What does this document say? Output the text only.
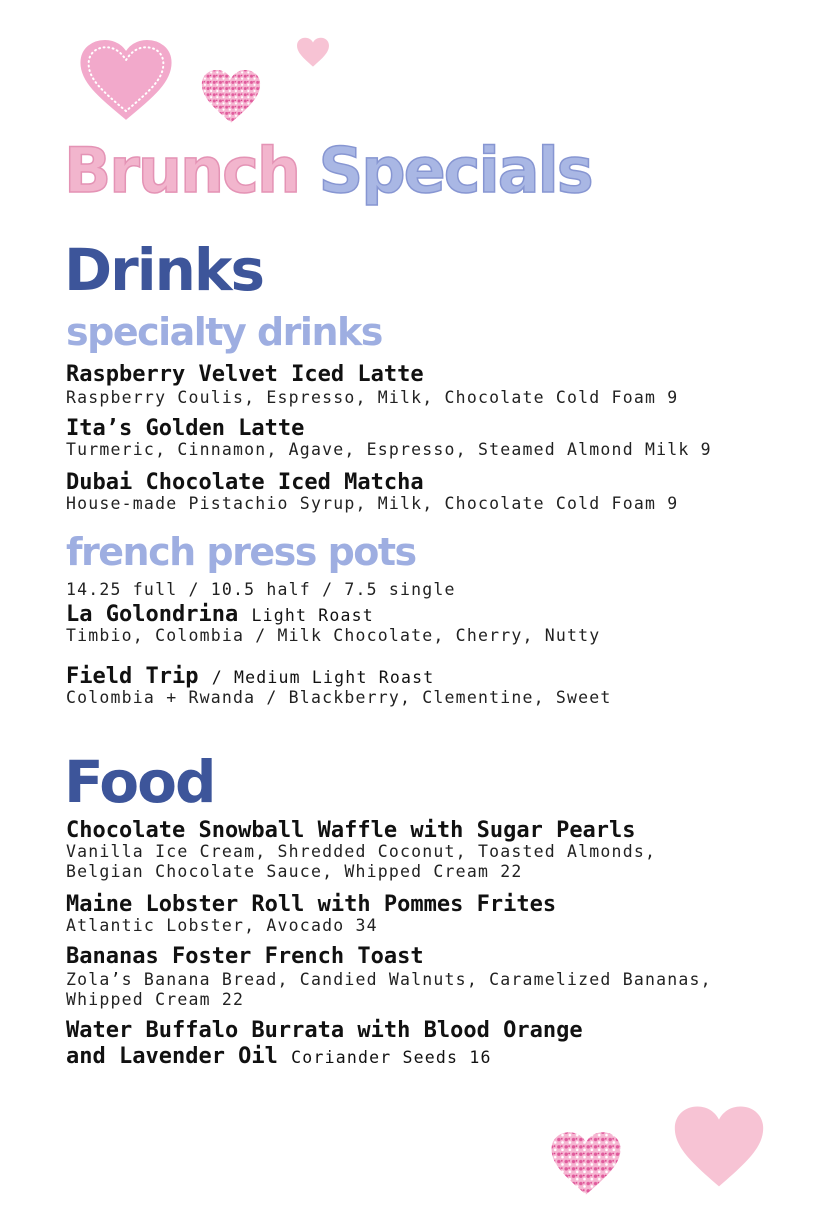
Brunch Specials
Drinks
specialty drinks
Raspberry Velvet Iced Latte
Raspberry Coulis, Espresso, Milk, Chocolate Cold Foam 9
Ita’s Golden Latte
Turmeric, Cinnamon, Agave, Espresso, Steamed Almond Milk 9
Dubai Chocolate Iced Matcha
House-made Pistachio Syrup, Milk, Chocolate Cold Foam 9
french press pots
14.25 full / 10.5 half / 7.5 single
La Golondrina Light Roast
Timbio, Colombia / Milk Chocolate, Cherry, Nutty
Field Trip / Medium Light Roast
Colombia + Rwanda / Blackberry, Clementine, Sweet
Food
Chocolate Snowball Waffle with Sugar Pearls
Vanilla Ice Cream, Shredded Coconut, Toasted Almonds,
Belgian Chocolate Sauce, Whipped Cream 22
Maine Lobster Roll with Pommes Frites
Atlantic Lobster, Avocado 34
Bananas Foster French Toast
Zola’s Banana Bread, Candied Walnuts, Caramelized Bananas,
Whipped Cream 22
Water Buffalo Burrata with Blood Orange
and Lavender Oil Coriander Seeds 16
